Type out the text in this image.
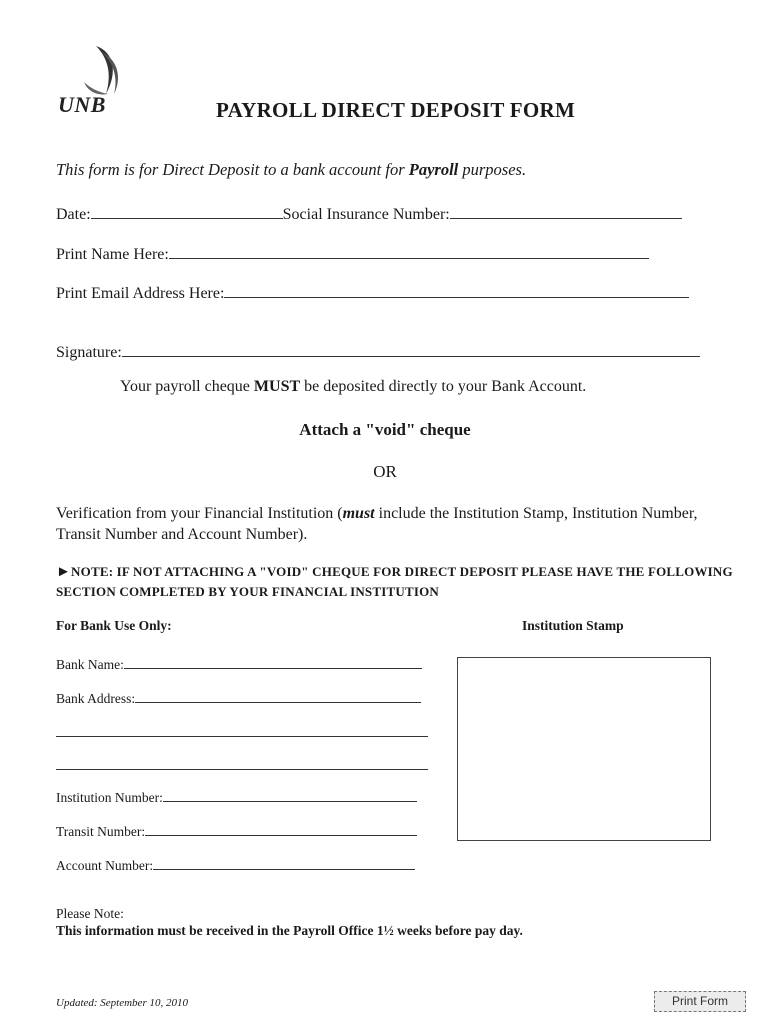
UNB	PAYROLL DIRECT DEPOSIT FORM
This form is for Direct Deposit to a bank account for Payroll purposes.
Date:	Social Insurance Number:
Print Name Here:
Print Email Address Here:
Signature:
Your payroll cheque MUST be deposited directly to your Bank Account.
Attach a "void" cheque
OR
Verification from your Financial Institution (must include the Institution Stamp, Institution Number, Transit Number and Account Number).
►NOTE: IF NOT ATTACHING A "VOID" CHEQUE FOR DIRECT DEPOSIT PLEASE HAVE THE FOLLOWING SECTION COMPLETED BY YOUR FINANCIAL INSTITUTION
For Bank Use Only:	Institution Stamp
Bank Name:
Bank Address:
Institution Number:
Transit Number:
Account Number:
Please Note:
This information must be received in the Payroll Office 1½ weeks before pay day.
Updated: September 10, 2010	Print Form
